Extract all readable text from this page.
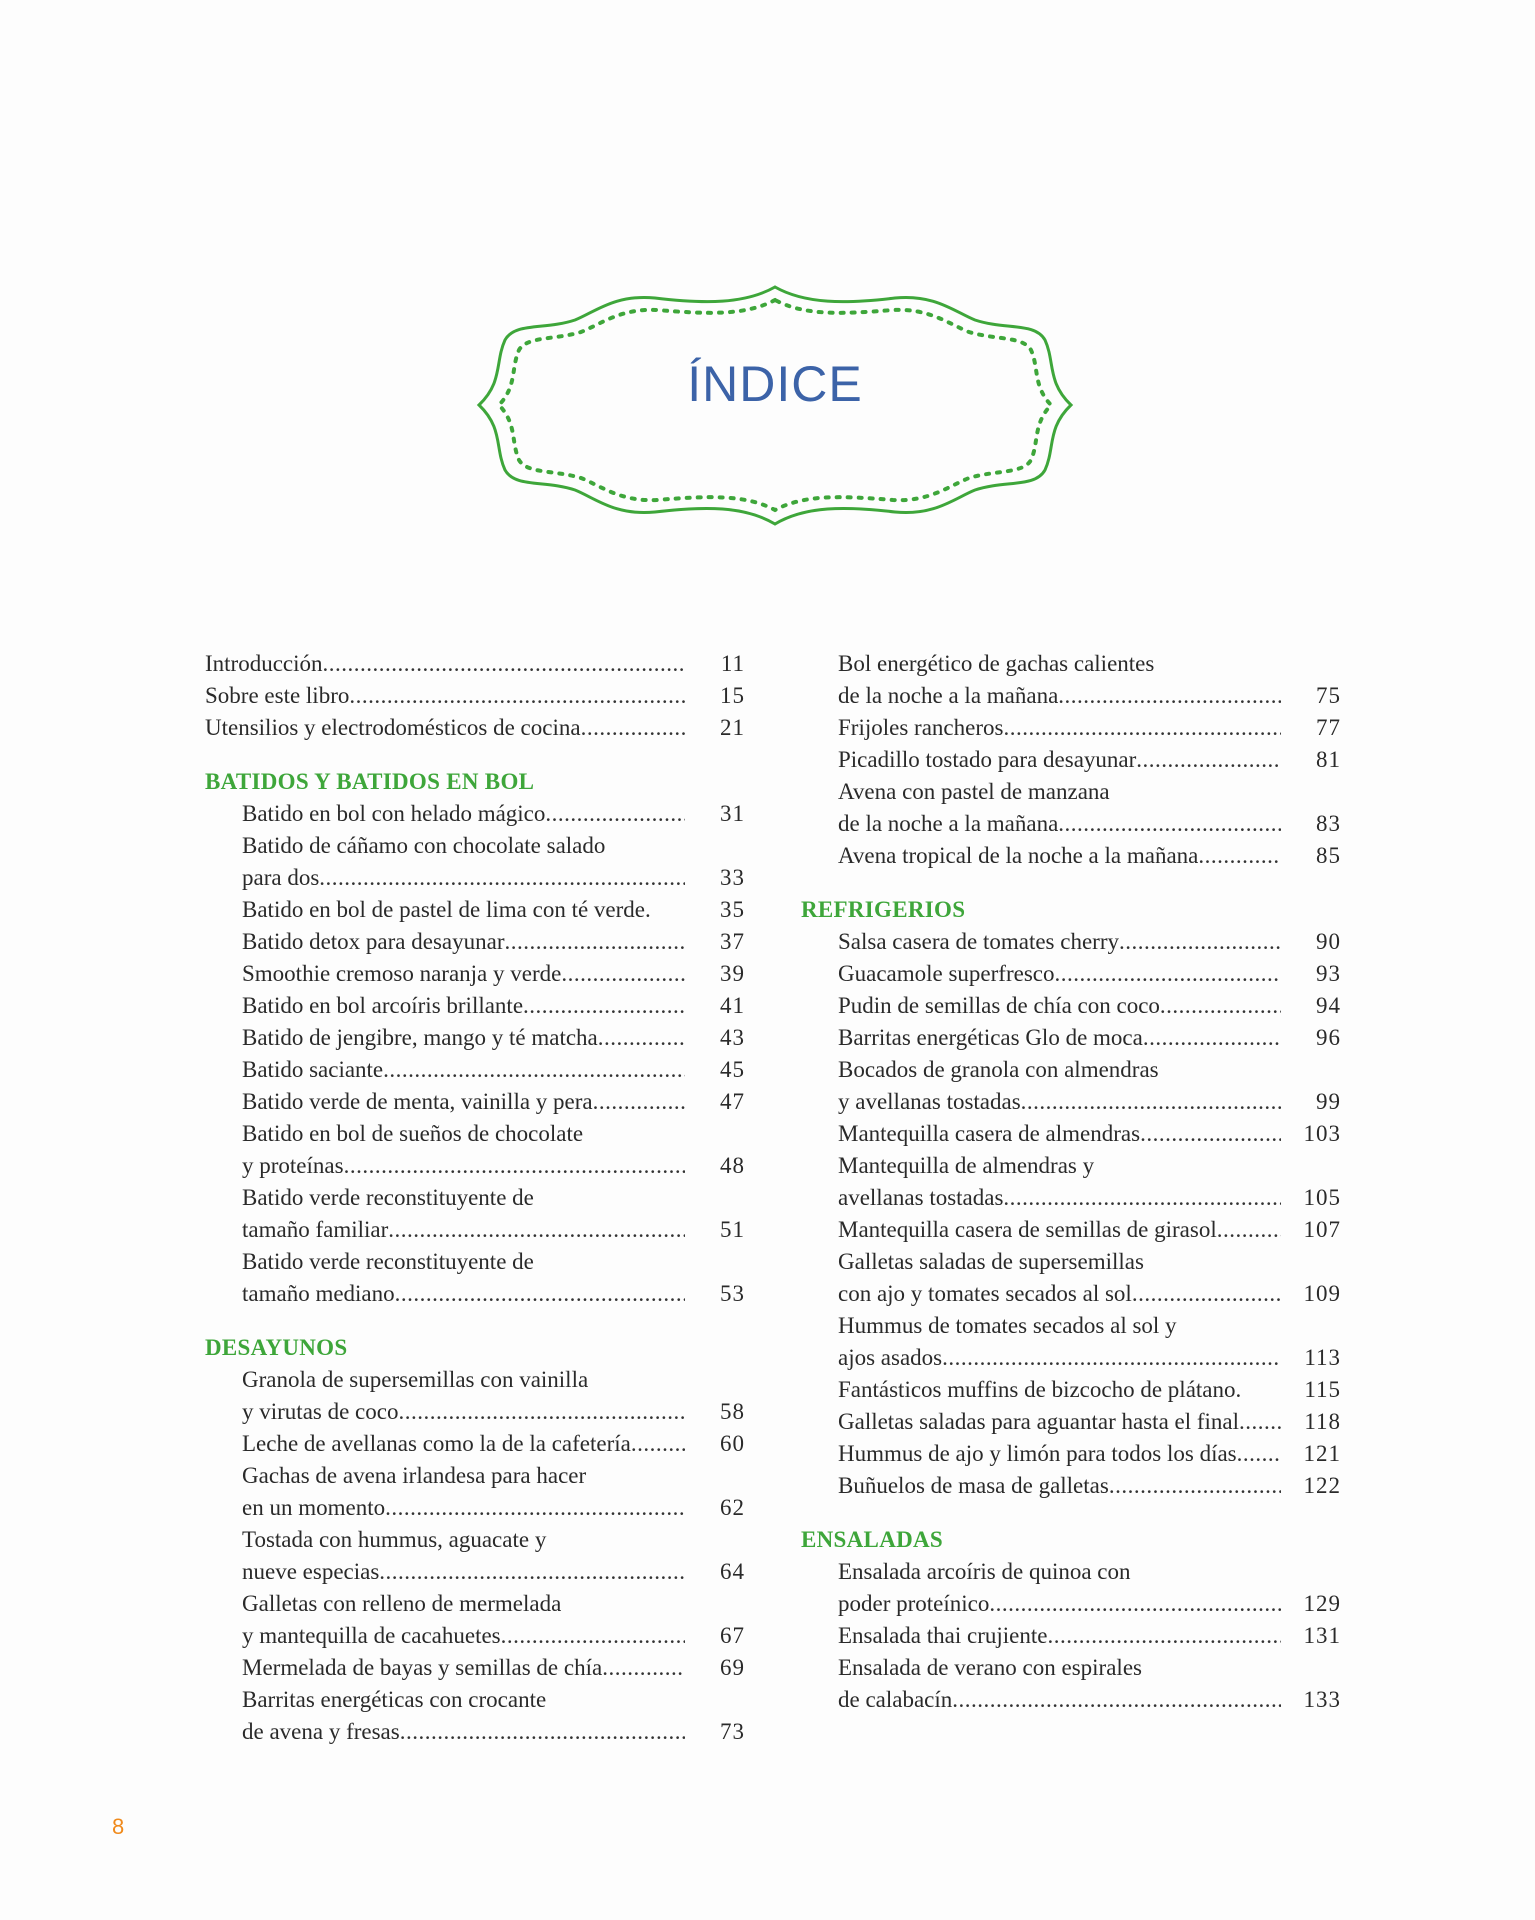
ÍNDICE
Introducción .....	11
Sobre este libro .....	15
Utensilios y electrodomésticos de cocina .....	21
BATIDOS Y BATIDOS EN BOL
Batido en bol con helado mágico .....	31
Batido de cáñamo con chocolate salado
para dos .....	33
Batido en bol de pastel de lima con té verde.	35
Batido detox para desayunar .....	37
Smoothie cremoso naranja y verde .....	39
Batido en bol arcoíris brillante .....	41
Batido de jengibre, mango y té matcha .....	43
Batido saciante .....	45
Batido verde de menta, vainilla y pera .....	47
Batido en bol de sueños de chocolate
y proteínas .....	48
Batido verde reconstituyente de
tamaño familiar .....	51
Batido verde reconstituyente de
tamaño mediano .....	53
DESAYUNOS
Granola de supersemillas con vainilla
y virutas de coco .....	58
Leche de avellanas como la de la cafetería .....	60
Gachas de avena irlandesa para hacer
en un momento .....	62
Tostada con hummus, aguacate y
nueve especias .....	64
Galletas con relleno de mermelada
y mantequilla de cacahuetes .....	67
Mermelada de bayas y semillas de chía .....	69
Barritas energéticas con crocante
de avena y fresas .....	73
Bol energético de gachas calientes
de la noche a la mañana .....	75
Frijoles rancheros .....	77
Picadillo tostado para desayunar .....	81
Avena con pastel de manzana
de la noche a la mañana .....	83
Avena tropical de la noche a la mañana .....	85
REFRIGERIOS
Salsa casera de tomates cherry .....	90
Guacamole superfresco .....	93
Pudin de semillas de chía con coco .....	94
Barritas energéticas Glo de moca .....	96
Bocados de granola con almendras
y avellanas tostadas .....	99
Mantequilla casera de almendras .....	103
Mantequilla de almendras y
avellanas tostadas .....	105
Mantequilla casera de semillas de girasol .....	107
Galletas saladas de supersemillas
con ajo y tomates secados al sol .....	109
Hummus de tomates secados al sol y
ajos asados .....	113
Fantásticos muffins de bizcocho de plátano.	115
Galletas saladas para aguantar hasta el final .....	118
Hummus de ajo y limón para todos los días .....	121
Buñuelos de masa de galletas .....	122
ENSALADAS
Ensalada arcoíris de quinoa con
poder proteínico .....	129
Ensalada thai crujiente .....	131
Ensalada de verano con espirales
de calabacín .....	133
8
